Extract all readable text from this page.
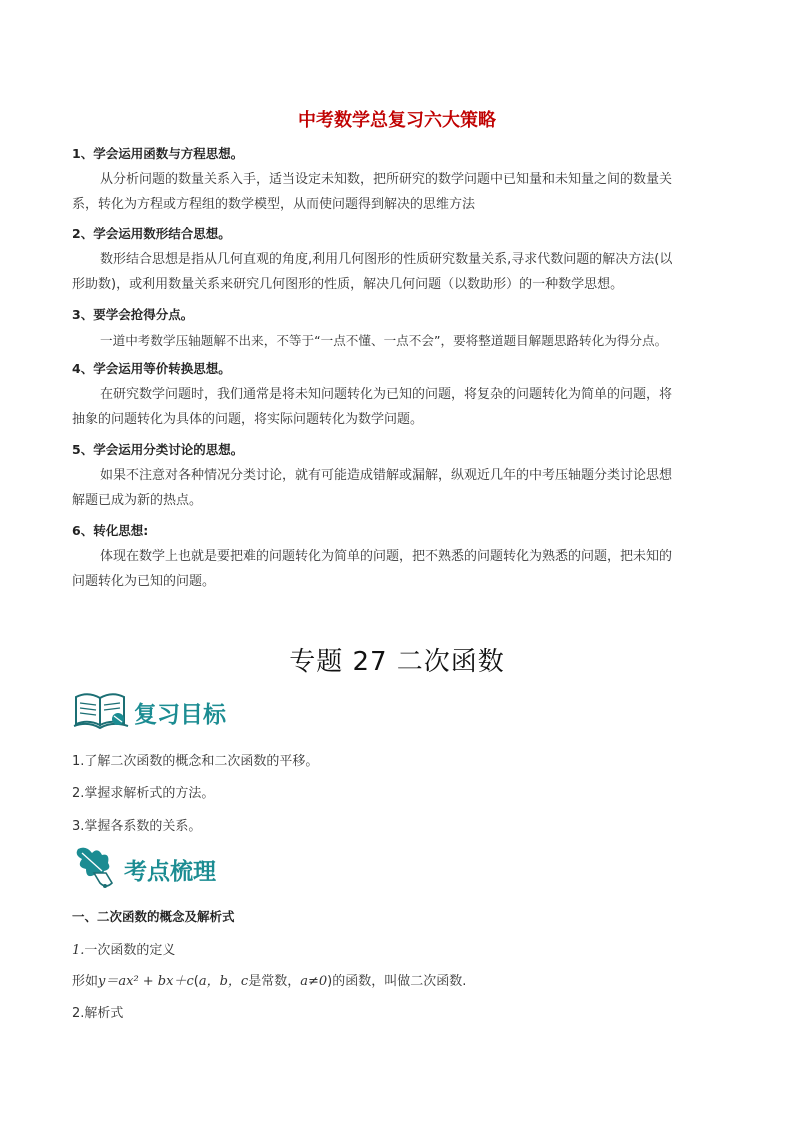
中考数学总复习六大策略
1、学会运用函数与方程思想。
从分析问题的数量关系入手，适当设定未知数，把所研究的数学问题中已知量和未知量之间的数量关
系，转化为方程或方程组的数学模型，从而使问题得到解决的思维方法
2、学会运用数形结合思想。
数形结合思想是指从几何直观的角度,利用几何图形的性质研究数量关系,寻求代数问题的解决方法(以
形助数)，或利用数量关系来研究几何图形的性质，解决几何问题（以数助形）的一种数学思想。
3、要学会抢得分点。
一道中考数学压轴题解不出来，不等于“一点不懂、一点不会”，要将整道题目解题思路转化为得分点。
4、学会运用等价转换思想。
在研究数学问题时，我们通常是将未知问题转化为已知的问题，将复杂的问题转化为简单的问题，将
抽象的问题转化为具体的问题，将实际问题转化为数学问题。
5、学会运用分类讨论的思想。
如果不注意对各种情况分类讨论，就有可能造成错解或漏解，纵观近几年的中考压轴题分类讨论思想
解题已成为新的热点。
6、转化思想:
体现在数学上也就是要把难的问题转化为简单的问题，把不熟悉的问题转化为熟悉的问题，把未知的
问题转化为已知的问题。
专题 27 二次函数
复习目标
1.了解二次函数的概念和二次函数的平移。
2.掌握求解析式的方法。
3.掌握各系数的关系。
考点梳理
一、二次函数的概念及解析式
1.一次函数的定义
形如y＝ax² + bx＋c(a，b，c是常数，a≠0)的函数，叫做二次函数.
2.解析式
